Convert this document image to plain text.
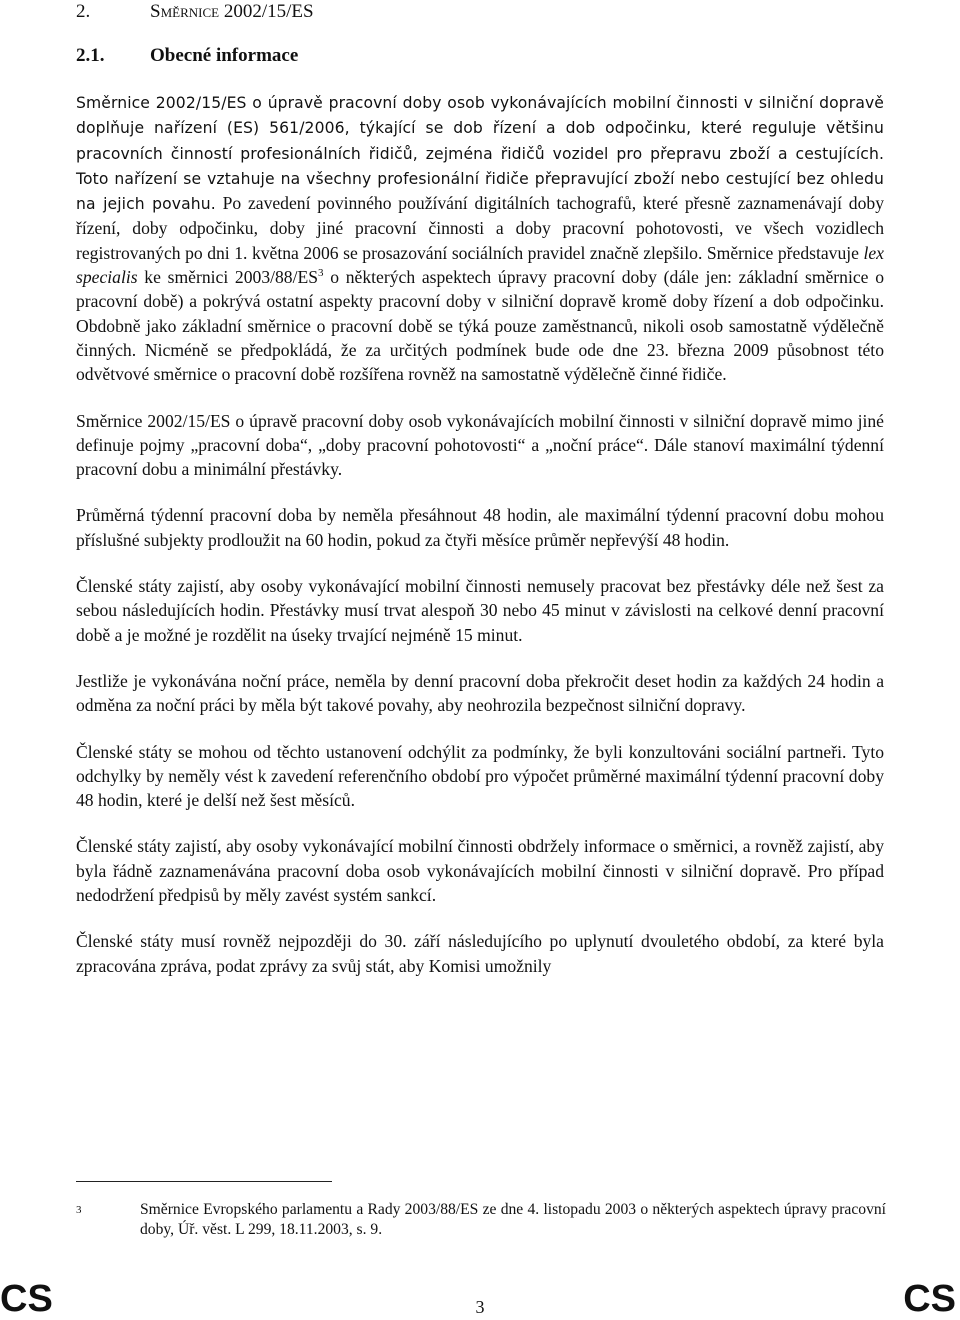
2.	Směrnice 2002/15/ES
2.1. Obecné informace

Směrnice 2002/15/ES o úpravě pracovní doby osob vykonávajících mobilní činnosti v silniční dopravě doplňuje nařízení (ES) 561/2006, týkající se dob řízení a dob odpočinku, které reguluje většinu pracovních činností profesionálních řidičů, zejména řidičů vozidel pro přepravu zboží a cestujících. Toto nařízení se vztahuje na všechny profesionální řidiče přepravující zboží nebo cestující bez ohledu na jejich povahu. Po zavedení povinného používání digitálních tachografů, které přesně zaznamenávají doby řízení, doby odpočinku, doby jiné pracovní činnosti a doby pracovní pohotovosti, ve všech vozidlech registrovaných po dni 1. května 2006 se prosazování sociálních pravidel značně zlepšilo. Směrnice představuje lex specialis ke směrnici $2003/88/ES^3$ o některých aspektech úpravy pracovní doby (dále jen: základní směrnice o pracovní době) a pokrývá ostatní aspekty pracovní doby v silniční dopravě kromě doby řízení a dob odpočinku. Obdobně jako základní směrnice o pracovní době se týká pouze zaměstnanců, nikoli osob samostatně výdělečně činných. Nicméně se předpokládá, že za určitých podmínek bude ode dne 23. března 2009 působnost této odvětvové směrnice o pracovní době rozšířena rovněž na samostatně výdělečně činné řidiče.

Směrnice 2002/15/ES o úpravě pracovní doby osob vykonávajících mobilní činnosti v silniční dopravě mimo jiné definuje pojmy „pracovní doba“, „doby pracovní pohotovosti“ a „noční práce“. Dále stanoví maximální týdenní pracovní dobu a minimální přestávky.

Průměrná týdenní pracovní doba by neměla přesáhnout 48 hodin, ale maximální týdenní pracovní dobu mohou příslušné subjekty prodloužit na 60 hodin, pokud za čtyři měsíce průměr nepřevýší 48 hodin.

Členské státy zajistí, aby osoby vykonávající mobilní činnosti nemusely pracovat bez přestávky déle než šest za sebou následujících hodin. Přestávky musí trvat alespoň 30 nebo 45 minut v závislosti na celkové denní pracovní době a je možné je rozdělit na úseky trvající nejméně 15 minut.

Jestliže je vykonávána noční práce, neměla by denní pracovní doba překročit deset hodin za každých 24 hodin a odměna za noční práci by měla být takové povahy, aby neohrozila bezpečnost silniční dopravy.

Členské státy se mohou od těchto ustanovení odchýlit za podmínky, že byli konzultováni sociální partneři. Tyto odchylky by neměly vést k zavedení referenčního období pro výpočet průměrné maximální týdenní pracovní doby 48 hodin, které je delší než šest měsíců.

Členské státy zajistí, aby osoby vykonávající mobilní činnosti obdržely informace o směrnici, a rovněž zajistí, aby byla řádně zaznamenávána pracovní doba osob vykonávajících mobilní činnosti v silniční dopravě. Pro případ nedodržení předpisů by měly zavést systém sankcí.

Členské státy musí rovněž nejpozději do 30. září následujícího po uplynutí dvouletého období, za které byla zpracována zpráva, podat zprávy za svůj stát, aby Komisi umožnily

3	Směrnice Evropského parlamentu a Rady 2003/88/ES ze dne 4. listopadu 2003 o některých aspektech úpravy pracovní doby, Úř. věst. L 299, 18.11.2003, s. 9.
CS	3	CS
